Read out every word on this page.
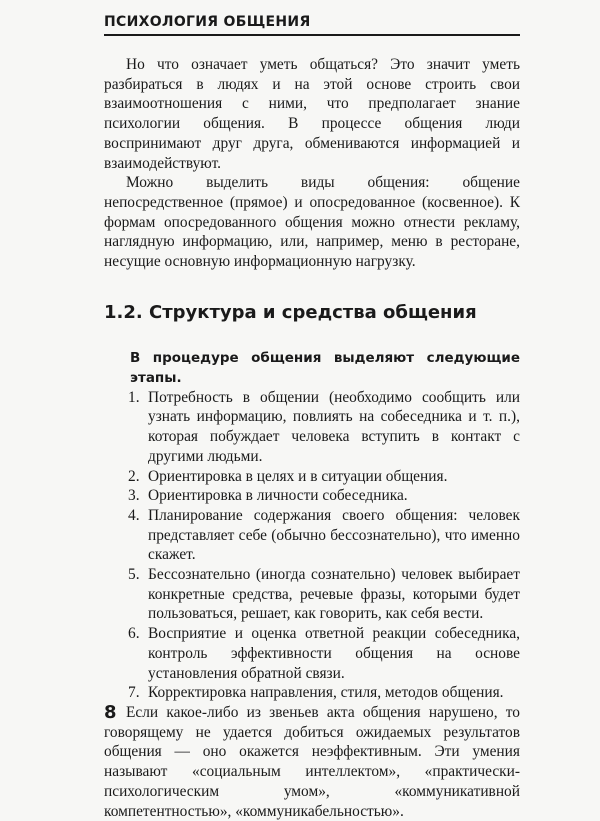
ПСИХОЛОГИЯ ОБЩЕНИЯ

Но что означает уметь общаться? Это значит уметь разбираться в людях и на этой основе строить свои взаимоотношения с ними, что предполагает знание психологии общения. В процессе общения люди воспринимают друг друга, обмениваются информацией и взаимодействуют.

Можно выделить виды общения: общение непосредственное (прямое) и опосредованное (косвенное). К формам опосредованного общения можно отнести рекламу, наглядную информацию, или, например, меню в ресторане, несущие основную информационную нагрузку.

1.2. Структура и средства общения
В процедуре общения выделяют следующие этапы.
1. Потребность в общении (необходимо сообщить или узнать информацию, повлиять на собеседника и т. п.), которая побуждает человека вступить в контакт с другими людьми.
2. Ориентировка в целях и в ситуации общения.
3. Ориентировка в личности собеседника.
4. Планирование содержания своего общения: человек представляет себе (обычно бессознательно), что именно скажет.
5. Бессознательно (иногда сознательно) человек выбирает конкретные средства, речевые фразы, которыми будет пользоваться, решает, как говорить, как себя вести.
6. Восприятие и оценка ответной реакции собеседника, контроль эффективности общения на основе установления обратной связи.
7. Корректировка направления, стиля, методов общения.

Если какое-либо из звеньев акта общения нарушено, то говорящему не удается добиться ожидаемых результатов общения — оно окажется неэффективным. Эти умения называют «социальным интеллектом», «практически-психологическим умом», «коммуникативной компетентностью», «коммуникабельностью».

8
